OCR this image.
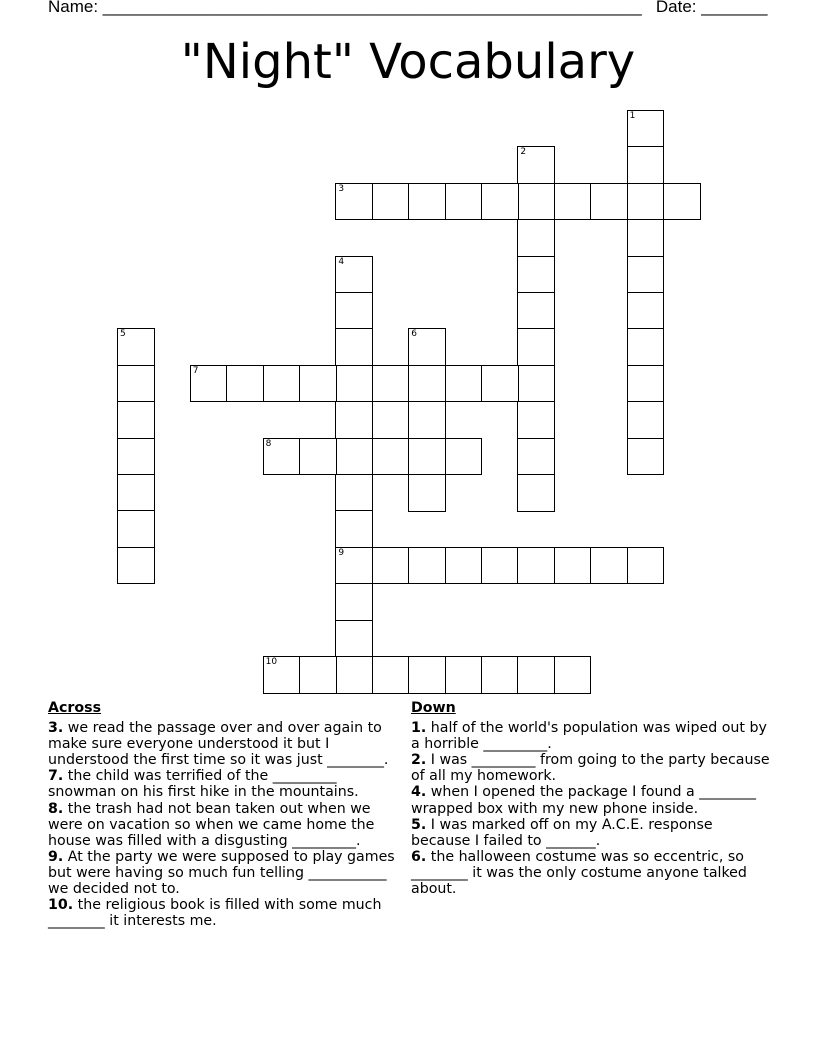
Name: _________________________________________________________ Date: _______
"Night" Vocabulary
1
2
3
4
9
5	6
7
8
10
Across
3. we read the passage over and over again to make sure everyone understood it but I understood the first time so it was just ________.
7. the child was terrified of the _________ snowman on his first hike in the mountains.
8. the trash had not bean taken out when we were on vacation so when we came home the house was filled with a disgusting _________.
9. At the party we were supposed to play games but were having so much fun telling ___________ we decided not to.
10. the religious book is filled with some much ________ it interests me.
Down
1. half of the world's population was wiped out by a horrible _________.
2. I was _________ from going to the party because of all my homework.
4. when I opened the package I found a ________ wrapped box with my new phone inside.
5. I was marked off on my A.C.E. response because I failed to _______.
6. the halloween costume was so eccentric, so ________ it was the only costume anyone talked about.
